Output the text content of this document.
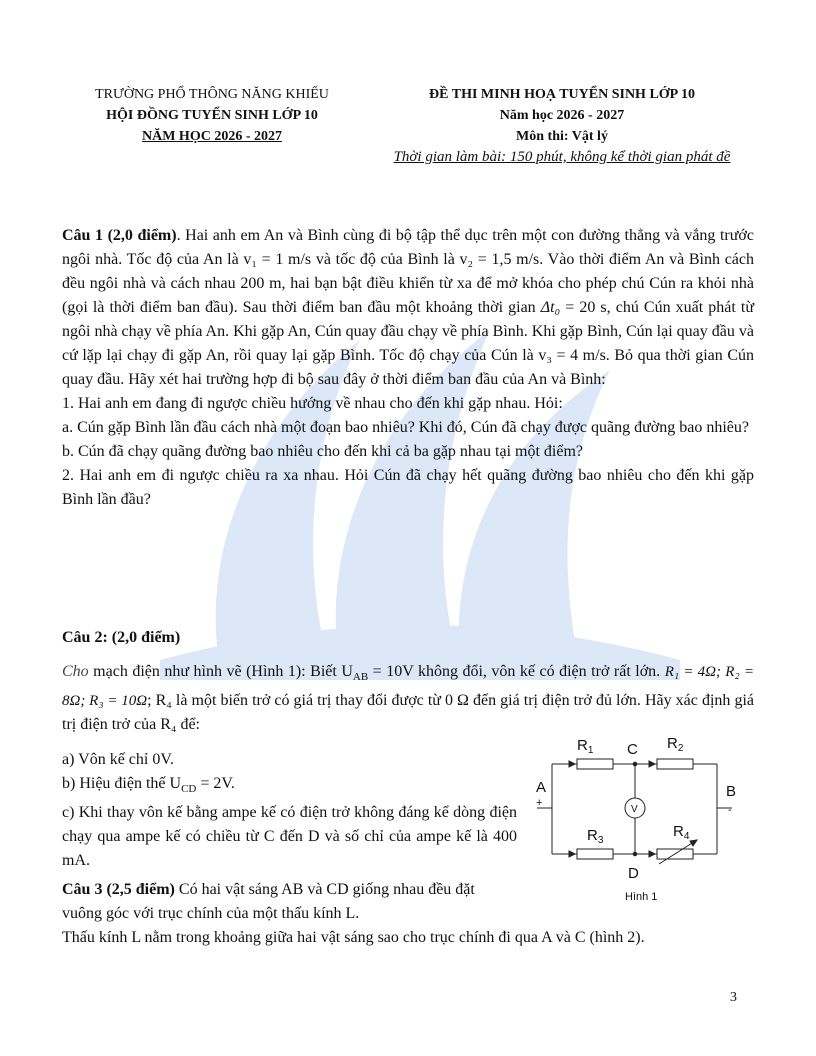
TRƯỜNG PHỔ THÔNG NĂNG KHIẾU
HỘI ĐỒNG TUYỂN SINH LỚP 10
NĂM HỌC 2026 - 2027
ĐỀ THI MINH HOẠ TUYỂN SINH LỚP 10
Năm học 2026 - 2027
Môn thi: Vật lý
Thời gian làm bài: 150 phút, không kể thời gian phát đề

Câu 1 (2,0 điểm). Hai anh em An và Bình cùng đi bộ tập thể dục trên một con đường thẳng và vắng trước ngôi nhà. Tốc độ của An là v₁ = 1 m/s và tốc độ của Bình là v₂ = 1,5 m/s. Vào thời điểm An và Bình cách đều ngôi nhà và cách nhau 200 m, hai bạn bật điều khiển từ xa để mở khóa cho phép chú Cún ra khỏi nhà (gọi là thời điểm ban đầu). Sau thời điểm ban đầu một khoảng thời gian Δt₀ = 20 s, chú Cún xuất phát từ ngôi nhà chạy về phía An. Khi gặp An, Cún quay đầu chạy về phía Bình. Khi gặp Bình, Cún lại quay đầu và cứ lặp lại chạy đi gặp An, rồi quay lại gặp Bình. Tốc độ chạy của Cún là v₃ = 4 m/s. Bỏ qua thời gian Cún quay đầu. Hãy xét hai trường hợp đi bộ sau đây ở thời điểm ban đầu của An và Bình:

1. Hai anh em đang đi ngược chiều hướng về nhau cho đến khi gặp nhau. Hỏi:

a. Cún gặp Bình lần đầu cách nhà một đoạn bao nhiêu? Khi đó, Cún đã chạy được quãng đường bao nhiêu?

b. Cún đã chạy quãng đường bao nhiêu cho đến khi cả ba gặp nhau tại một điểm?

2. Hai anh em đi ngược chiều ra xa nhau. Hỏi Cún đã chạy hết quãng đường bao nhiêu cho đến khi gặp Bình lần đầu?

Câu 2: (2,0 điểm)

Cho mạch điện như hình vẽ (Hình 1): Biết $U_{AB} = 10V$ không đổi, vôn kế có điện trở rất lớn. R₁ = 4Ω; R₂ = 8Ω; R₃ = 10Ω; R₄ là một biến trở có giá trị thay đổi được từ 0 Ω đến giá trị điện trở đủ lớn. Hãy xác định giá trị điện trở của R₄ để:

a) Vôn kế chỉ 0V.

b) Hiệu điện thế $U_{CD} = 2V$.

c) Khi thay vôn kế bằng ampe kế có điện trở không đáng kể dòng điện chạy qua ampe kế có chiều từ C đến D và số chỉ của ampe kế là 400 mA.

Câu 3 (2,5 điểm) Có hai vật sáng AB và CD giống nhau đều đặt vuông góc với trục chính của một thấu kính L.

Thấu kính L nằm trong khoảng giữa hai vật sáng sao cho trục chính đi qua A và C (hình 2).

$R_1$ C $R_2$
$R_3$
$R_4$
D
A	B
V
+
-
Hình 1
3
